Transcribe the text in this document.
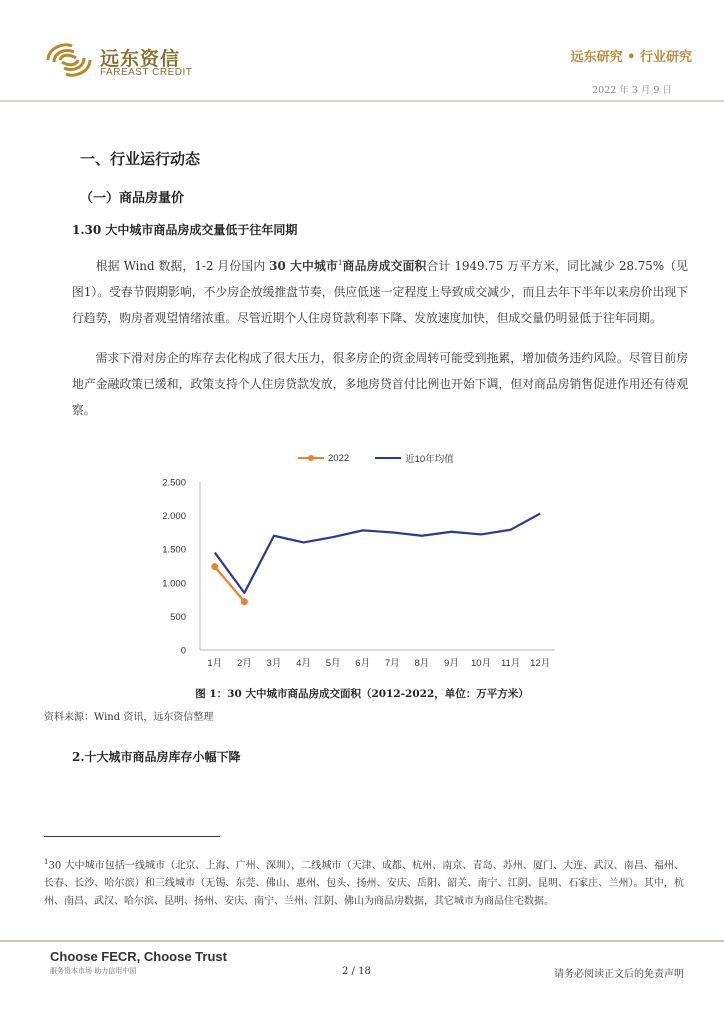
远东资信
FAREAST CREDIT
远东研究 • 行业研究
2022 年 3 月 9 日
一、行业运行动态
（一）商品房量价
1.30 大中城市商品房成交量低于往年同期
  根据 Wind 数据，1-2 月份国内 30 大中城市$^1$商品房成交面积合计 1949.75 万平方米，同比减少 28.75%（见图1）。受春节假期影响，不少房企放缓推盘节奏，供应低迷一定程度上导致成交减少，而且去年下半年以来房价出现下行趋势，购房者观望情绪浓重。尽管近期个人住房贷款利率下降、发放速度加快，但成交量仍明显低于往年同期。
  需求下滑对房企的库存去化构成了很大压力，很多房企的资金周转可能受到拖累，增加债务违约风险。尽管目前房地产金融政策已缓和，政策支持个人住房贷款发放，多地房贷首付比例也开始下调，但对商品房销售促进作用还有待观察。
2022	近10年均值
0
500
1.000
1.500
2.000
2.500
1月 2月 3月 4月 5月 6月 7月 8月 9月 10月 11月 12月
图 1：30 大中城市商品房成交面积（2012-2022，单位：万平方米）
资料来源：Wind 资讯，远东资信整理
2.十大城市商品房库存小幅下降
$^1$30 大中城市包括一线城市（北京、上海、广州、深圳），二线城市（天津、成都、杭州、南京、青岛、苏州、厦门、大连、武汉、南昌、福州、长春、长沙、哈尔滨）和三线城市（无锡、东莞、佛山、惠州、包头、扬州、安庆、岳阳、韶关、南宁、江阴、昆明、石家庄、兰州）。其中，杭州、南昌、武汉、哈尔滨、昆明、扬州、安庆、南宁、兰州、江阴、佛山为商品房数据，其它城市为商品住宅数据。
Choose FECR, Choose Trust
服务资本市场 助力信用中国	2 / 18	请务必阅读正文后的免责声明
